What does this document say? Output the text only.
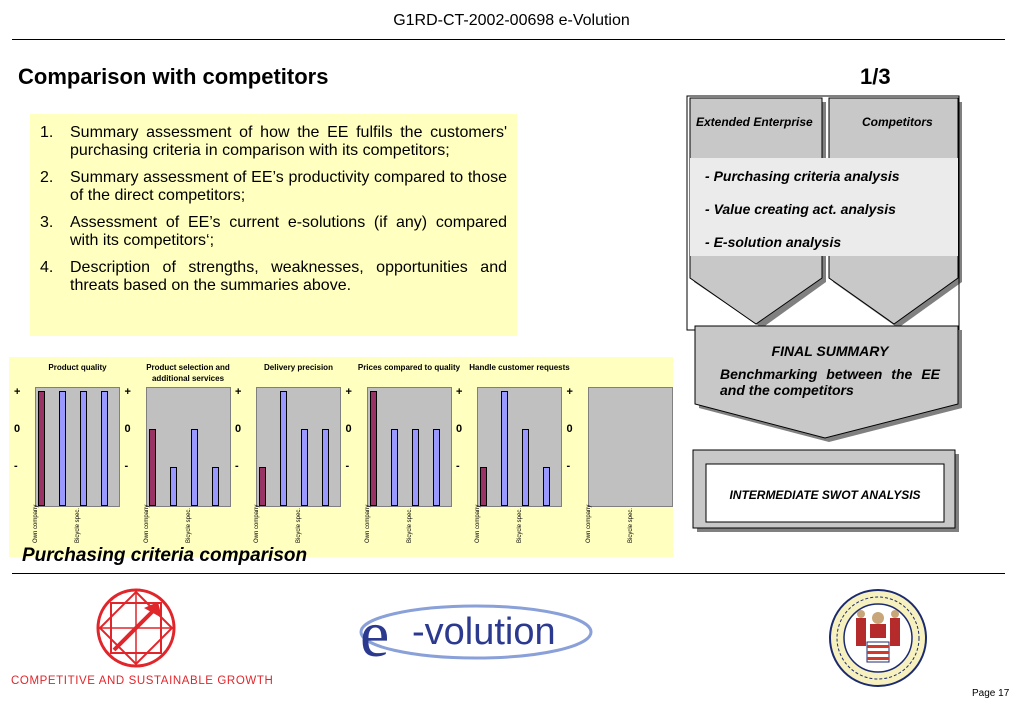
G1RD-CT-2002-00698 e-Volution
Comparison with competitors	1/3
1.	Summary assessment of how the EE fulfils the customers' purchasing criteria in comparison with its competitors;
2.	Summary assessment of EE’s productivity compared to those of the direct competitors;
3.	Assessment of EE’s current e-solutions (if any) compared with its competitors‘;
4.	Description of strengths, weaknesses, opportunities and threats based on the summaries above.
Product quality
+
0
-
Own company	Bicycle spec.
Product selection and additional services
+
0
-
Own company	Bicycle spec.
Delivery precision
+
0
-
Own company	Bicycle spec.
Prices compared to quality
+
0
-
Own company	Bicycle spec.
Handle customer requests
+
0
-
Own company	Bicycle spec.
+
0
-
Own company	Bicycle spec.
Purchasing criteria comparison
Extended Enterprise	Competitors
- Purchasing criteria analysis
- Value creating act. analysis
- E-solution analysis
FINAL SUMMARY
Benchmarking between the EE and the competitors
INTERMEDIATE SWOT ANALYSIS
COMPETITIVE AND SUSTAINABLE GROWTH
e -volution
Page 17
